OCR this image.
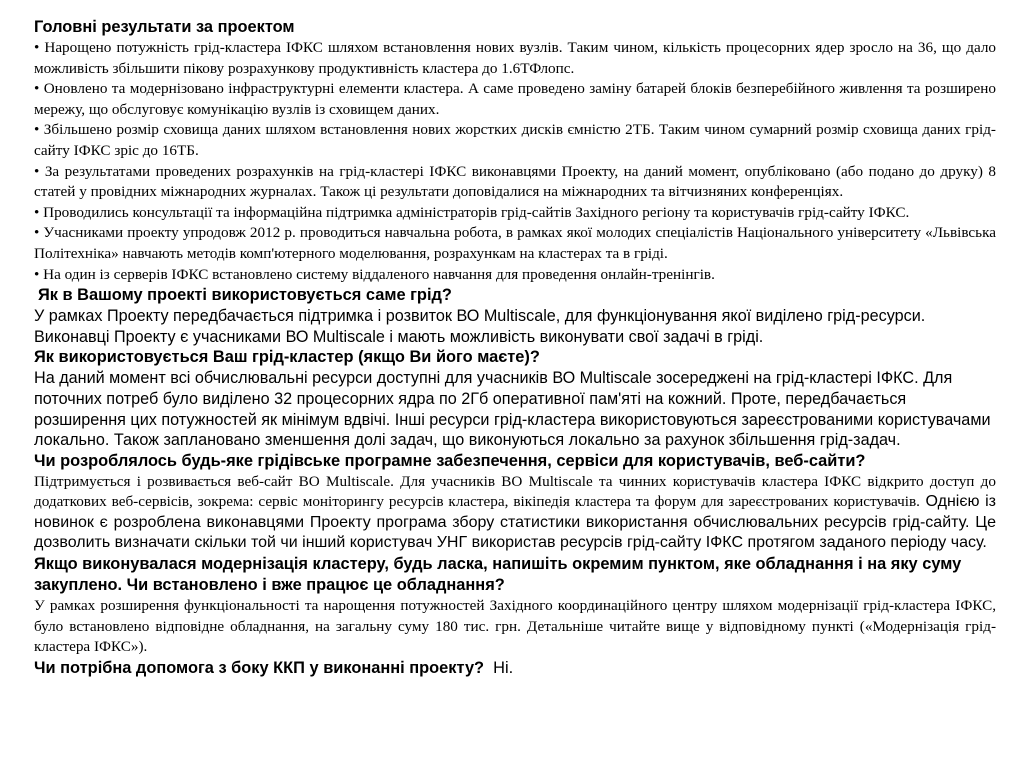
Головні результати за проектом

• Нарощено потужність грід-кластера ІФКС шляхом встановлення нових вузлів. Таким чином, кількість процесорних ядер зросло на 36, що дало можливість збільшити пікову розрахункову продуктивність кластера до 1.6ТФлопс.

• Оновлено та модернізовано інфраструктурні елементи кластера. А саме проведено заміну батарей блоків безперебійного живлення та розширено мережу, що обслуговує комунікацію вузлів із сховищем даних.

• Збільшено розмір сховища даних шляхом встановлення нових жорстких дисків ємністю 2ТБ. Таким чином сумарний розмір сховища даних грід-сайту ІФКС зріс до 16ТБ.

• За результатами проведених розрахунків на грід-кластері ІФКС виконавцями Проекту, на даний момент, опубліковано (або подано до друку) 8 статей у провідних міжнародних журналах. Також ці результати доповідалися на міжнародних та вітчизняних конференціях.

• Проводились консультації та інформаційна підтримка адміністраторів грід-сайтів Західного регіону та користувачів грід-сайту ІФКС.

• Учасниками проекту упродовж 2012 р. проводиться навчальна робота, в рамках якої молодих спеціалістів Національного університету «Львівська Політехніка» навчають методів комп'ютерного моделювання, розрахункам на кластерах та в гріді.

• На один із серверів ІФКС встановлено систему віддаленого навчання для проведення онлайн-тренінгів.

Як в Вашому проекті використовується саме грід?

У рамках Проекту передбачається підтримка і розвиток ВО Multiscale, для функціонування якої виділено грід-ресурси. Виконавці Проекту є учасниками ВО Multiscale і мають можливість виконувати свої задачі в гріді.

Як використовується Ваш грід-кластер (якщо Ви його маєте)?

На даний момент всі обчислювальні ресурси доступні для учасників ВО Multiscale зосереджені на грід-кластері ІФКС. Для поточних потреб було виділено 32 процесорних ядра по 2Гб оперативної пам'яті на кожний. Проте, передбачається розширення цих потужностей як мінімум вдвічі. Інші ресурси грід-кластера використовуються зареєстрованими користувачами локально. Також заплановано зменшення долі задач, що виконуються локально за рахунок збільшення грід-задач.

Чи розроблялось будь-яке грідівське програмне забезпечення, сервіси для користувачів, веб-сайти?

Підтримується і розвивається веб-сайт ВО Multiscale. Для учасників ВО Multiscale та чинних користувачів кластера ІФКС відкрито доступ до додаткових веб-сервісів, зокрема: сервіс моніторингу ресурсів кластера, вікіпедія кластера та форум для зареєстрованих користувачів. Однією із новинок є розроблена виконавцями Проекту програма збору статистики використання обчислювальних ресурсів грід-сайту. Це дозволить визначати скільки той чи інший користувач УНГ використав ресурсів грід-сайту ІФКС протягом заданого періоду часу.

Якщо виконувалася модернізація кластеру, будь ласка, напишіть окремим пунктом, яке обладнання і на яку суму закуплено. Чи встановлено і вже працює це обладнання?

У рамках розширення функціональності та нарощення потужностей Західного координаційного центру шляхом модернізації грід-кластера ІФКС, було встановлено відповідне обладнання, на загальну суму 180 тис. грн. Детальніше читайте вище у відповідному пункті («Модернізація грід-кластера ІФКС»).

Чи потрібна допомога з боку ККП у виконанні проекту?  Ні.
